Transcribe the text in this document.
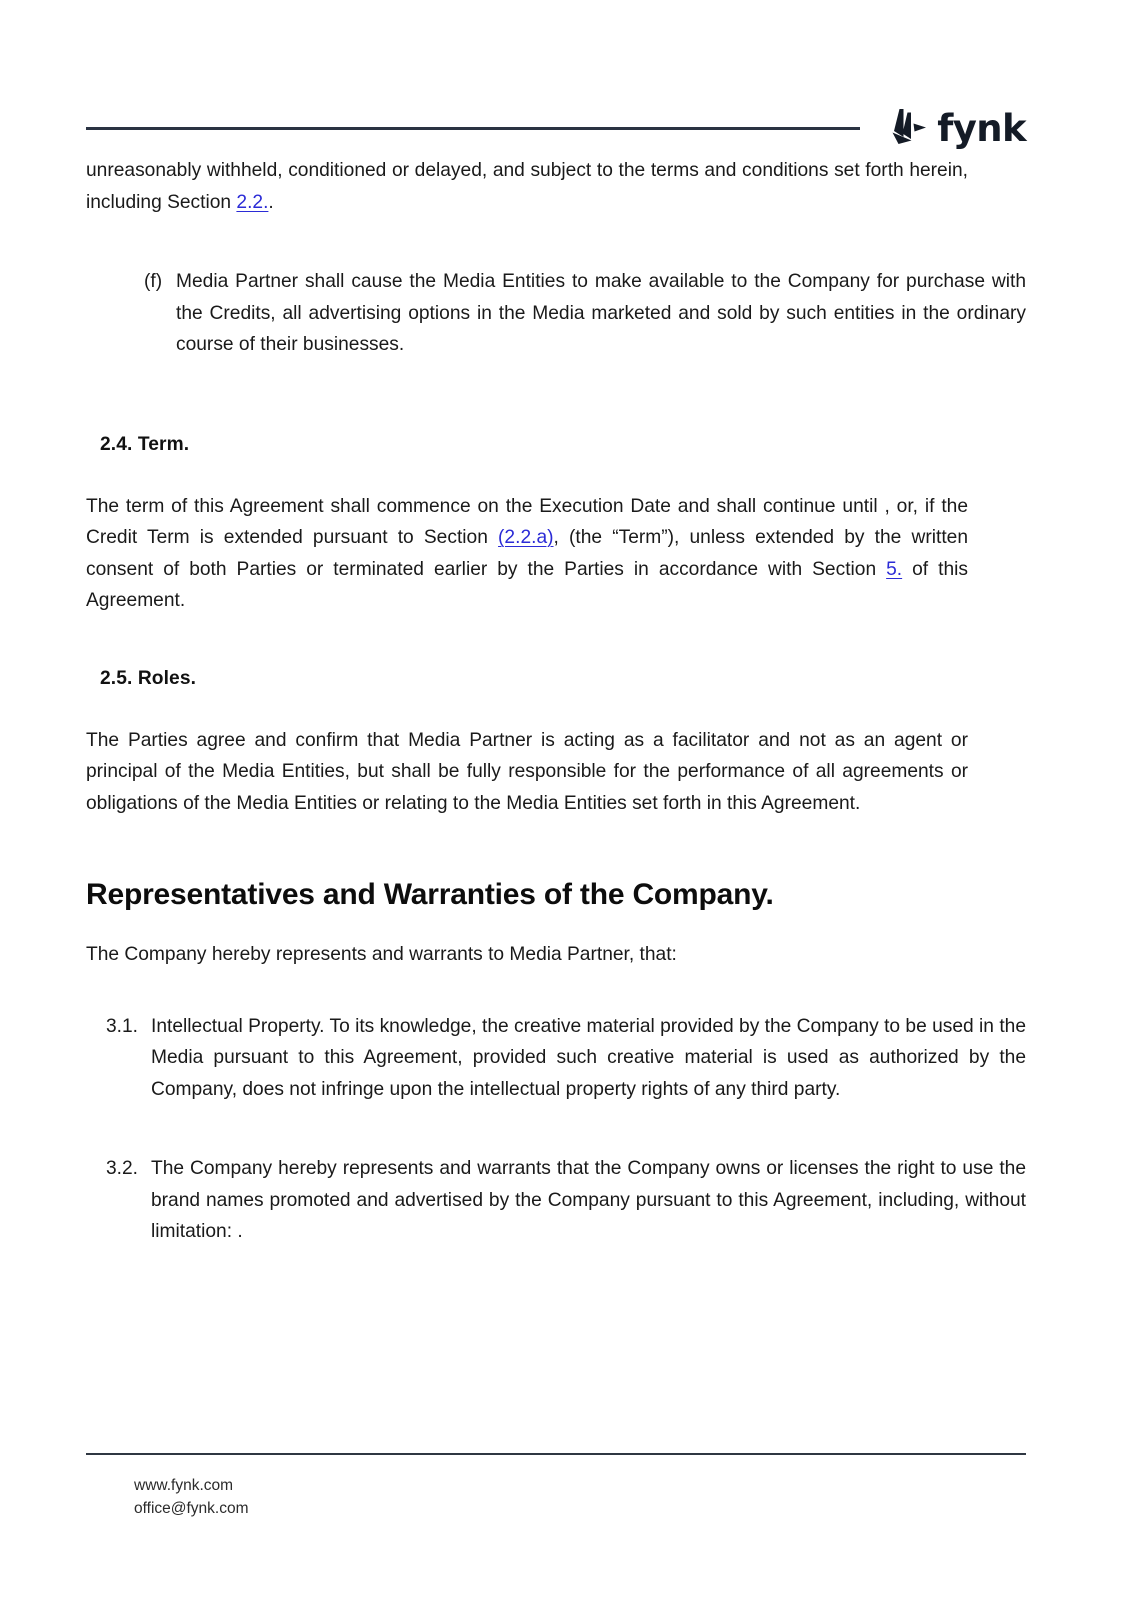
fynk

unreasonably withheld, conditioned or delayed, and subject to the terms and conditions set forth herein, including Section 2.2..

(f) Media Partner shall cause the Media Entities to make available to the Company for purchase with the Credits, all advertising options in the Media marketed and sold by such entities in the ordinary course of their businesses.
2.4. Term.

The term of this Agreement shall commence on the Execution Date and shall continue until , or, if the Credit Term is extended pursuant to Section (2.2.a), (the “Term”), unless extended by the written consent of both Parties or terminated earlier by the Parties in accordance with Section 5. of this Agreement.

2.5. Roles.

The Parties agree and confirm that Media Partner is acting as a facilitator and not as an agent or principal of the Media Entities, but shall be fully responsible for the performance of all agreements or obligations of the Media Entities or relating to the Media Entities set forth in this Agreement.

Representatives and Warranties of the Company.

The Company hereby represents and warrants to Media Partner, that:

3.1. Intellectual Property. To its knowledge, the creative material provided by the Company to be used in the Media pursuant to this Agreement, provided such creative material is used as authorized by the Company, does not infringe upon the intellectual property rights of any third party.
3.2. The Company hereby represents and warrants that the Company owns or licenses the right to use the brand names promoted and advertised by the Company pursuant to this Agreement, including, without limitation: .
www.fynk.com
office@fynk.com
